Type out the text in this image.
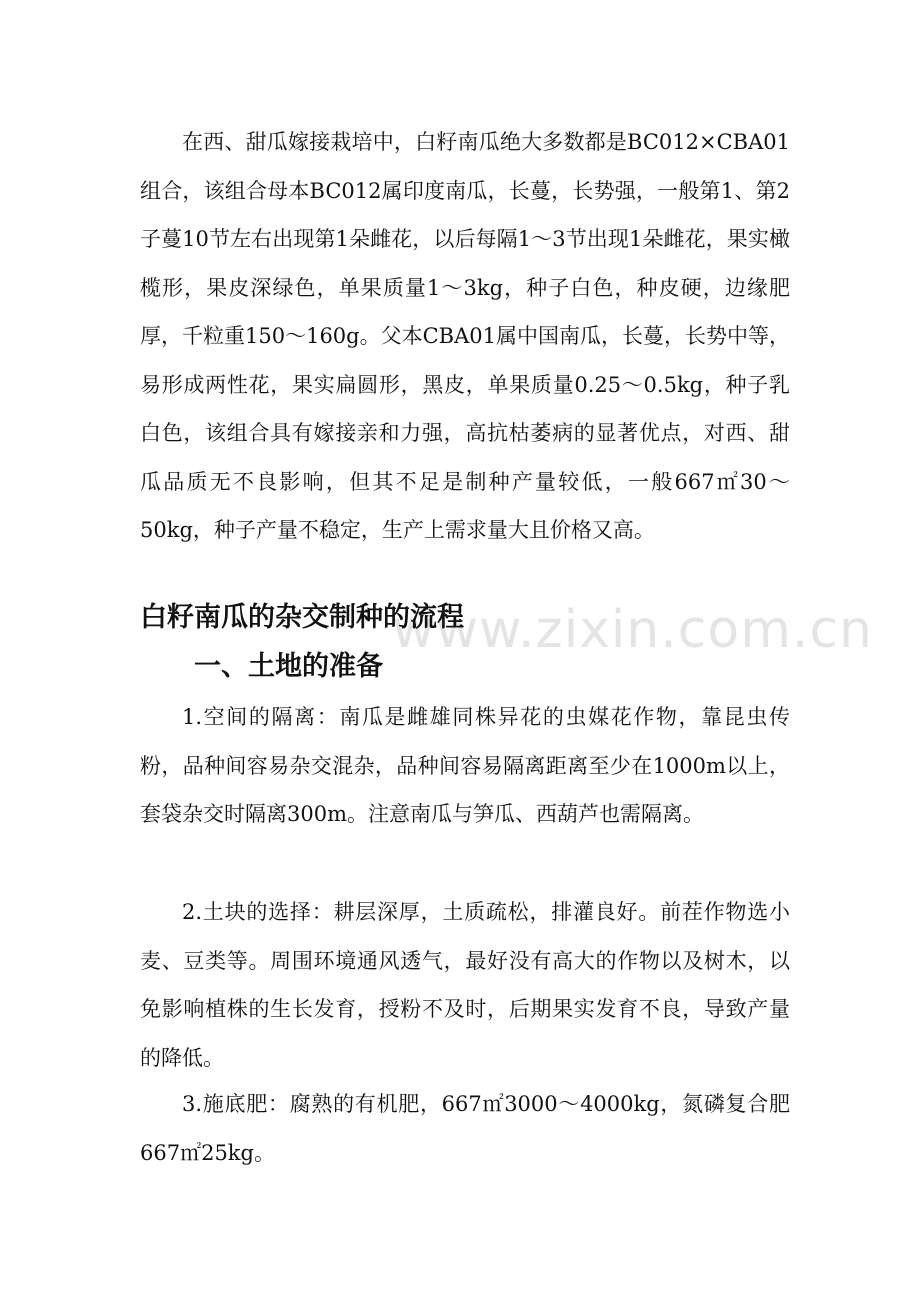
www.zixin.com.cn

在西、甜瓜嫁接栽培中，白籽南瓜绝大多数都是BC012×CBA01组合，该组合母本BC012属印度南瓜，长蔓，长势强，一般第1、第2子蔓10节左右出现第1朵雌花，以后每隔1～3节出现1朵雌花，果实橄榄形，果皮深绿色，单果质量1～3kg，种子白色，种皮硬，边缘肥厚，千粒重150～160g。父本CBA01属中国南瓜，长蔓，长势中等，易形成两性花，果实扁圆形，黑皮，单果质量0.25～0.5kg，种子乳白色，该组合具有嫁接亲和力强，高抗枯萎病的显著优点，对西、甜瓜品质无不良影响，但其不足是制种产量较低，一般667㎡30～50kg，种子产量不稳定，生产上需求量大且价格又高。

白籽南瓜的杂交制种的流程
一、土地的准备

1.空间的隔离：南瓜是雌雄同株异花的虫媒花作物，靠昆虫传粉，品种间容易杂交混杂，品种间容易隔离距离至少在1000m以上，套袋杂交时隔离300m。注意南瓜与笋瓜、西葫芦也需隔离。

2.土块的选择：耕层深厚，土质疏松，排灌良好。前茬作物选小麦、豆类等。周围环境通风透气，最好没有高大的作物以及树木，以免影响植株的生长发育，授粉不及时，后期果实发育不良，导致产量的降低。

3.施底肥：腐熟的有机肥，667㎡3000～4000kg，氮磷复合肥667㎡25kg。
